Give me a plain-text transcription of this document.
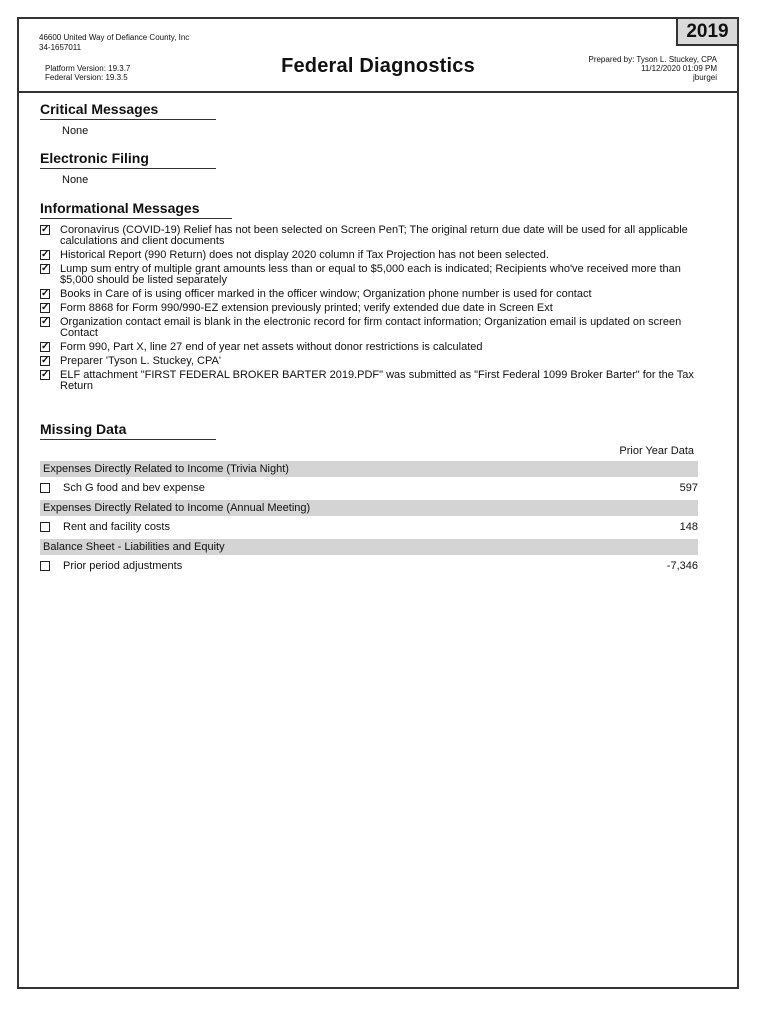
46600 United Way of Defiance County, Inc
34-1657011
Platform Version: 19.3.7
Federal Version: 19.3.5
Federal Diagnostics
2019
Prepared by: Tyson L. Stuckey, CPA
11/12/2020 01:09 PM
jburgei
Critical Messages
None
Electronic Filing
None
Informational Messages
✓ Coronavirus (COVID-19) Relief has not been selected on Screen PenT; The original return due date will be used for all applicable calculations and client documents
✓ Historical Report (990 Return) does not display 2020 column if Tax Projection has not been selected.
✓ Lump sum entry of multiple grant amounts less than or equal to $5,000 each is indicated; Recipients who've received more than $5,000 should be listed separately
✓ Books in Care of is using officer marked in the officer window; Organization phone number is used for contact
✓ Form 8868 for Form 990/990-EZ extension previously printed; verify extended due date in Screen Ext
✓ Organization contact email is blank in the electronic record for firm contact information; Organization email is updated on screen Contact
✓ Form 990, Part X, line 27 end of year net assets without donor restrictions is calculated
✓ Preparer 'Tyson L. Stuckey, CPA'
✓ ELF attachment "FIRST FEDERAL BROKER BARTER 2019.PDF" was submitted as "First Federal 1099 Broker Barter" for the Tax Return
Missing Data
Prior Year Data
Expenses Directly Related to Income (Trivia Night)
Sch G food and bev expense	597
Expenses Directly Related to Income (Annual Meeting)
Rent and facility costs	148
Balance Sheet - Liabilities and Equity
Prior period adjustments	-7,346
